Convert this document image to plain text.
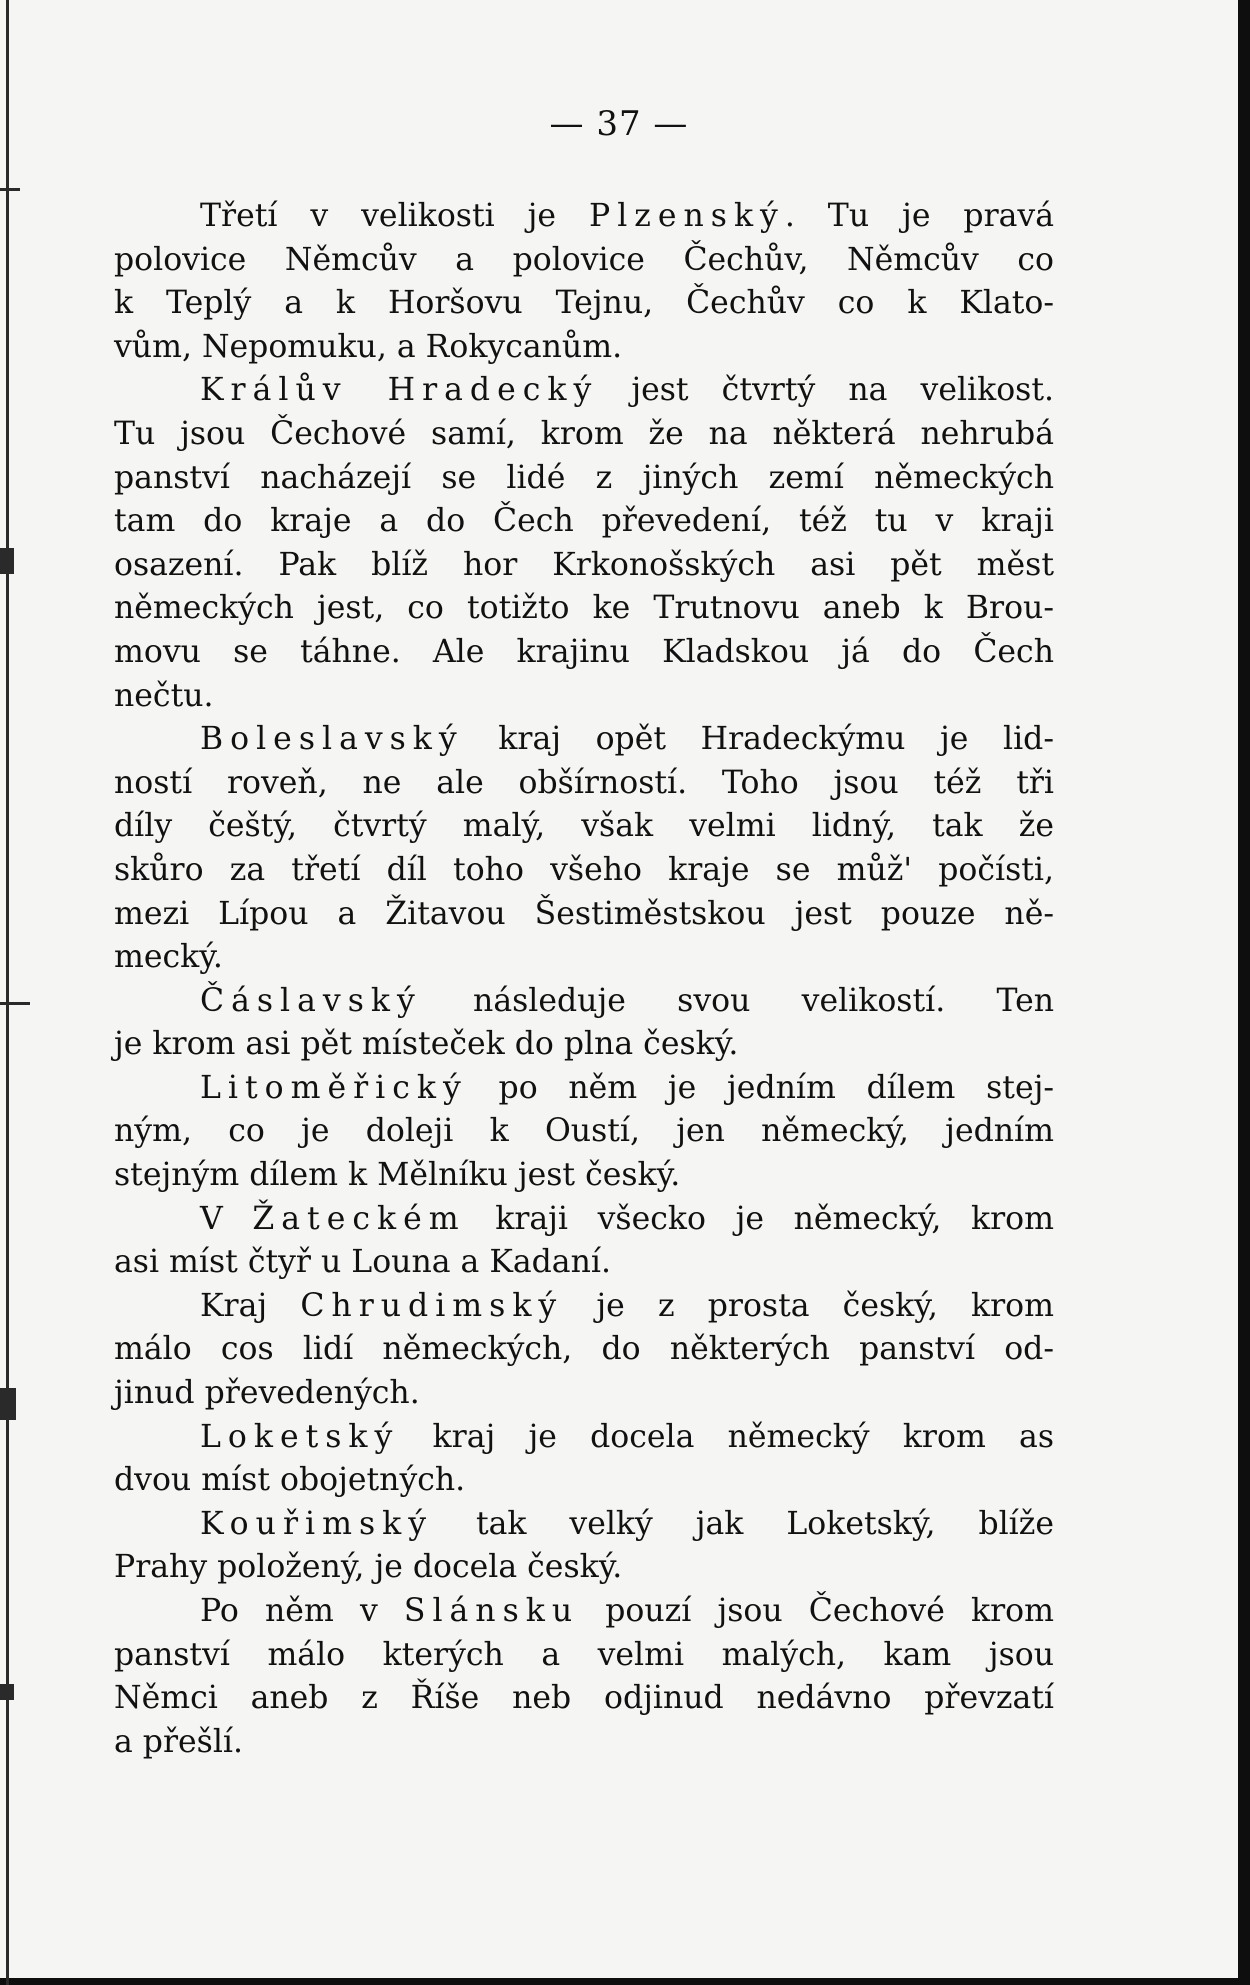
— 37 —
Třetí v velikosti je Plzenský. Tu je pravá
polovice Němcův a polovice Čechův, Němcův co
k Teplý a k Horšovu Tejnu, Čechův co k Klato-
vům, Nepomuku, a Rokycanům.
Králův Hradecký jest čtvrtý na velikost.
Tu jsou Čechové samí, krom že na některá nehrubá
panství nacházejí se lidé z jiných zemí německých
tam do kraje a do Čech převedení, též tu v kraji
osazení. Pak blíž hor Krkonošských asi pět měst
německých jest, co totižto ke Trutnovu aneb k Brou-
movu se táhne. Ale krajinu Kladskou já do Čech
nečtu.
Boleslavský kraj opět Hradeckýmu je lid-
ností roveň, ne ale obšírností. Toho jsou též tři
díly češtý, čtvrtý malý, však velmi lidný, tak že
skůro za třetí díl toho všeho kraje se můž' počísti,
mezi Lípou a Žitavou Šestiměstskou jest pouze ně-
mecký.
Čáslavský následuje svou velikostí. Ten
je krom asi pět místeček do plna český.
Litoměřický po něm je jedním dílem stej-
ným, co je doleji k Oustí, jen německý, jedním
stejným dílem k Mělníku jest český.
V Žateckém kraji všecko je německý, krom
asi míst čtyř u Louna a Kadaní.
Kraj Chrudimský je z prosta český, krom
málo cos lidí německých, do některých panství od-
jinud převedených.
Loketský kraj je docela německý krom as
dvou míst obojetných.
Kouřimský tak velký jak Loketský, blíže
Prahy položený, je docela český.
Po něm v Slánsku pouzí jsou Čechové krom
panství málo kterých a velmi malých, kam jsou
Němci aneb z Říše neb odjinud nedávno převzatí
a přešlí.
